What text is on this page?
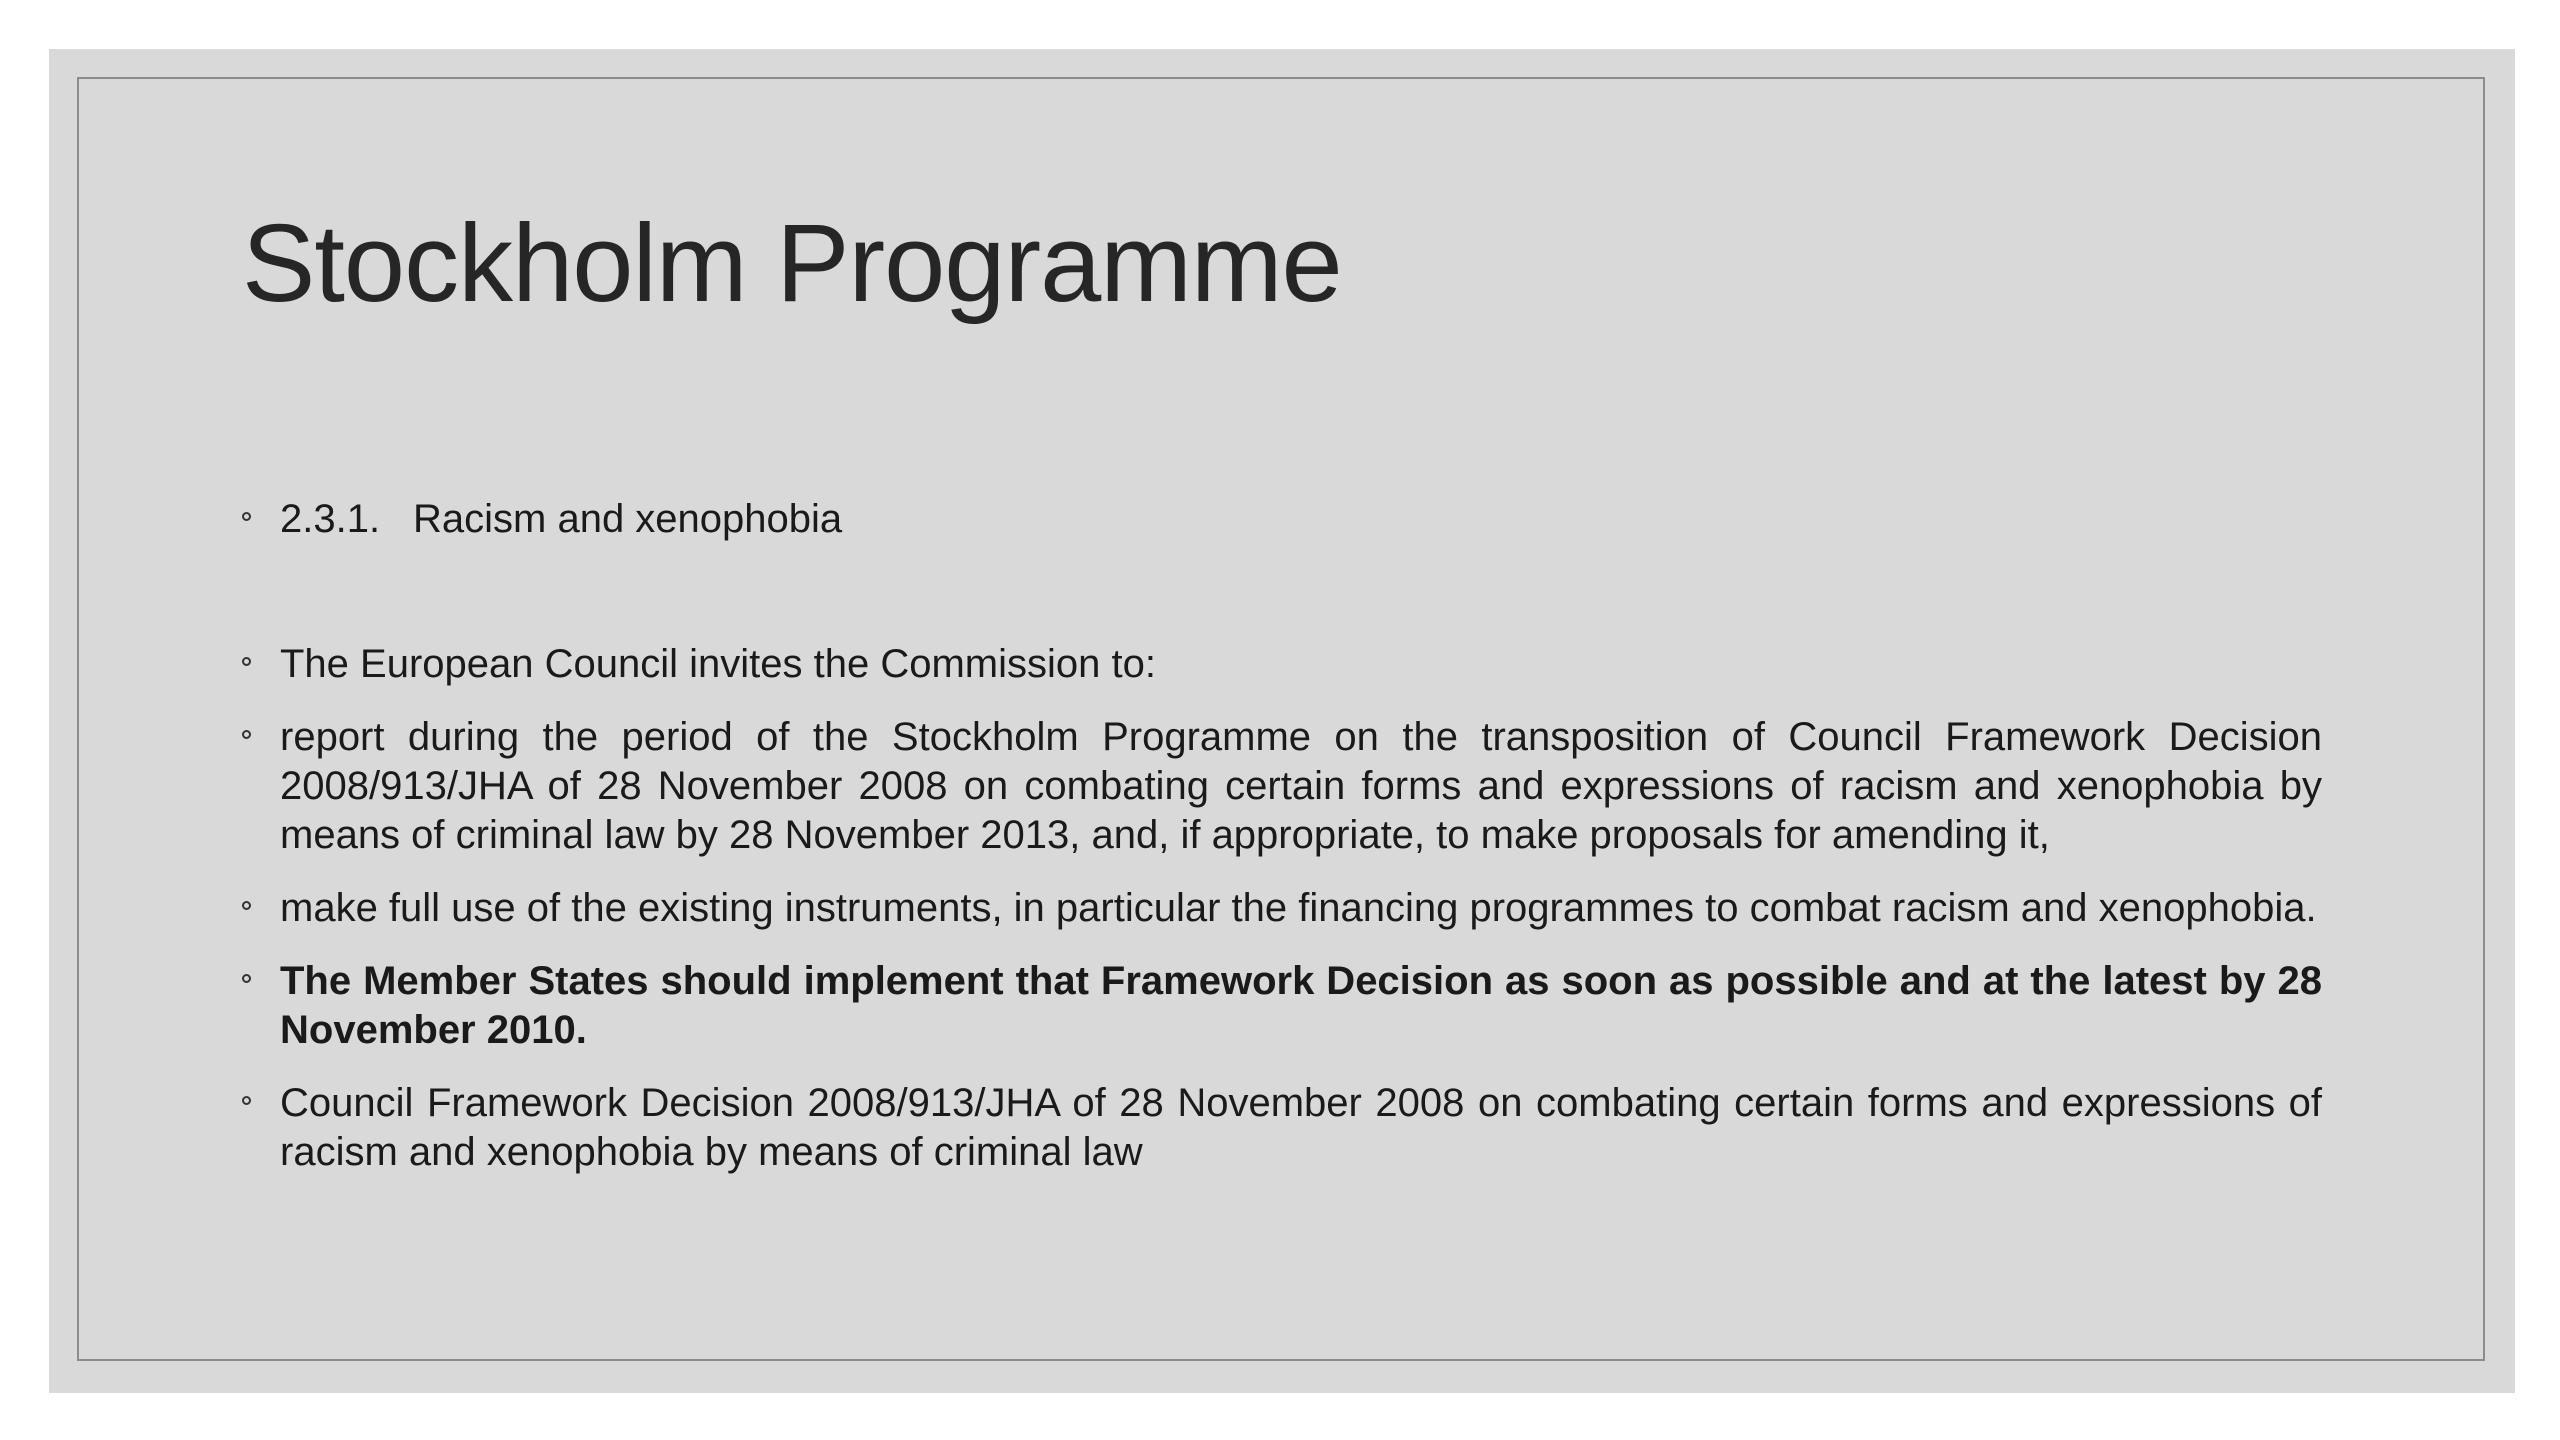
Stockholm Programme
2.3.1. Racism and xenophobia
The European Council invites the Commission to:
report during the period of the Stockholm Programme on the transposition of Council Framework Decision 2008/913/JHA of 28 November 2008 on combating certain forms and expressions of racism and xenophobia by means of criminal law by 28 November 2013, and, if appropriate, to make proposals for amending it,
make full use of the existing instruments, in particular the financing programmes to combat racism and xenophobia.
The Member States should implement that Framework Decision as soon as possible and at the latest by 28 November 2010.
Council Framework Decision 2008/913/JHA of 28 November 2008 on combating certain forms and expressions of racism and xenophobia by means of criminal law
